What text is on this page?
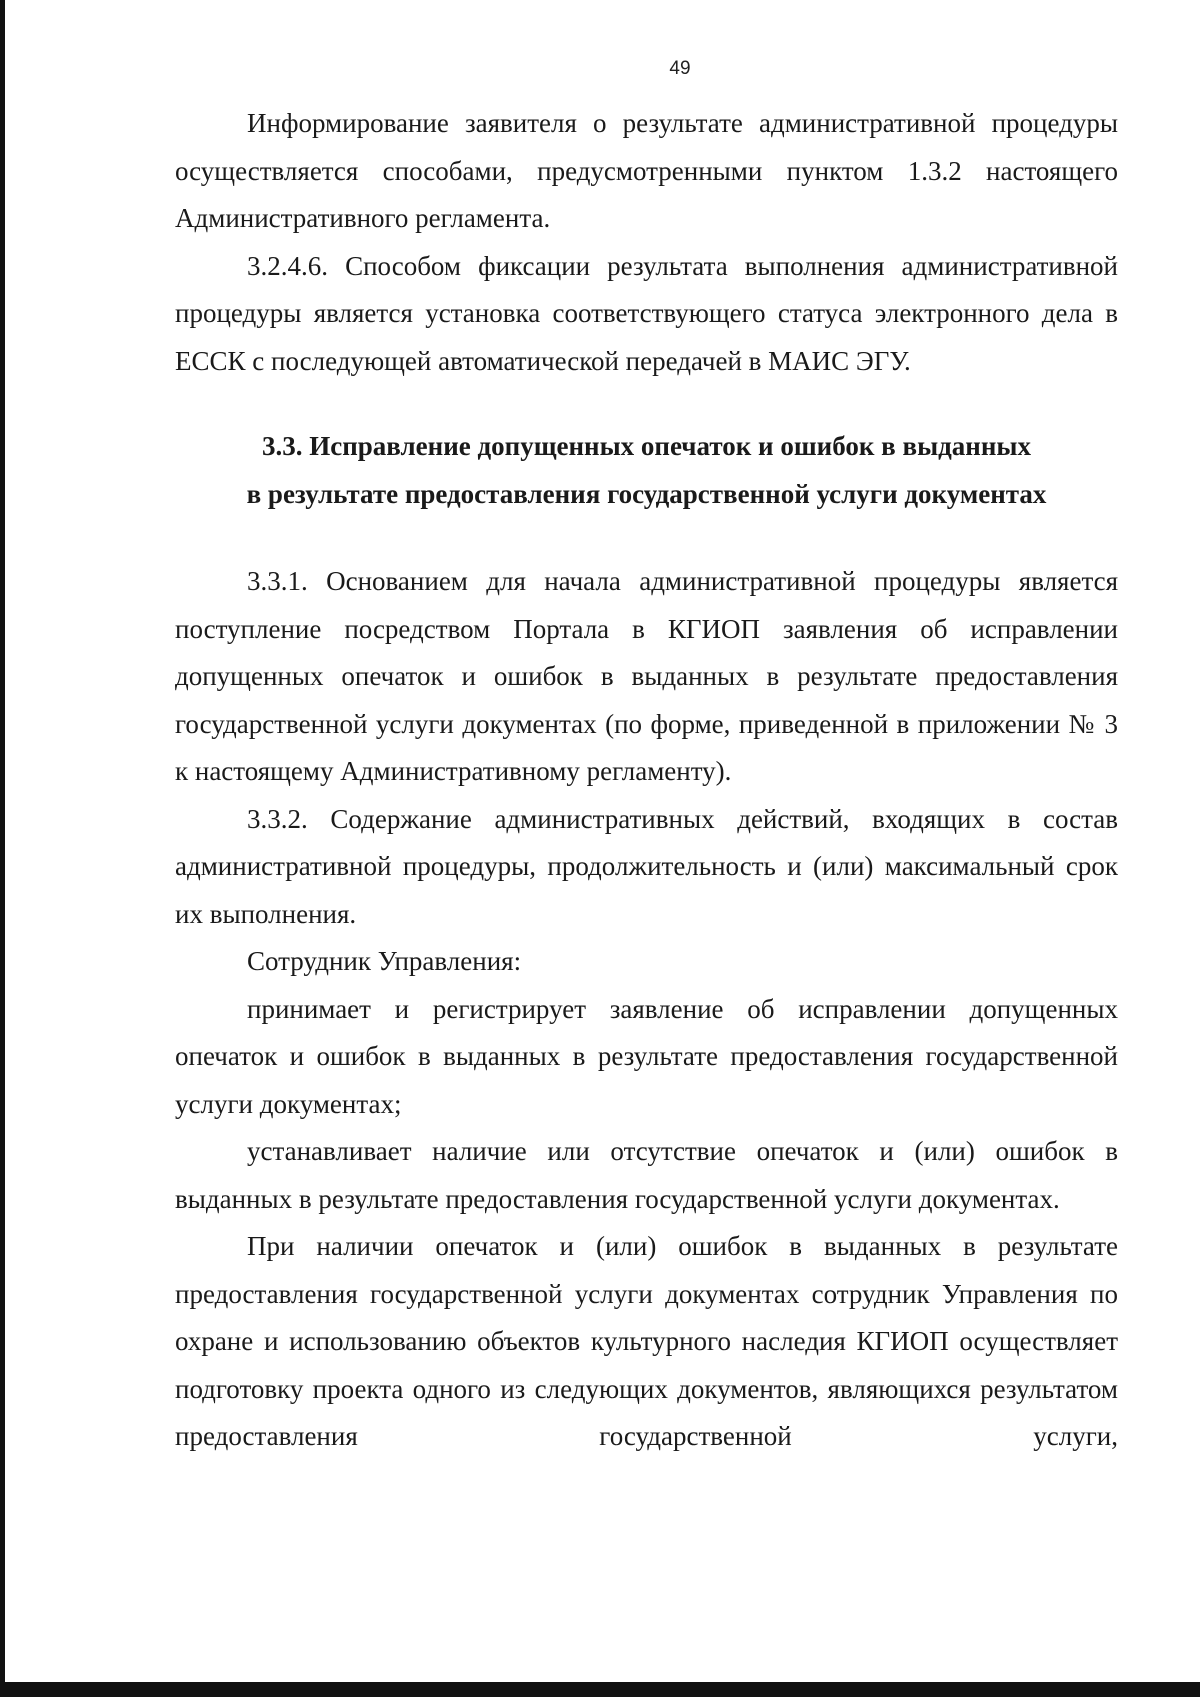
49

Информирование заявителя о результате административной процедуры осуществляется способами, предусмотренными пунктом 1.3.2 настоящего Административного регламента.

3.2.4.6. Способом фиксации результата выполнения административной процедуры является установка соответствующего статуса электронного дела в ЕССК с последующей автоматической передачей в МАИС ЭГУ.

3.3. Исправление допущенных опечаток и ошибок в выданных

в результате предоставления государственной услуги документах

3.3.1. Основанием для начала административной процедуры является поступление посредством Портала в КГИОП заявления об исправлении допущенных опечаток и ошибок в выданных в результате предоставления государственной услуги документах (по форме, приведенной в приложении № 3 к настоящему Административному регламенту).

3.3.2. Содержание административных действий, входящих в состав административной процедуры, продолжительность и (или) максимальный срок их выполнения.

Сотрудник Управления:

принимает и регистрирует заявление об исправлении допущенных опечаток и ошибок в выданных в результате предоставления государственной услуги документах;

устанавливает наличие или отсутствие опечаток и (или) ошибок в выданных в результате предоставления государственной услуги документах.

При наличии опечаток и (или) ошибок в выданных в результате предоставления государственной услуги документах сотрудник Управления по охране и использованию объектов культурного наследия КГИОП осуществляет подготовку проекта одного из следующих документов, являющихся результатом предоставления государственной услуги,
